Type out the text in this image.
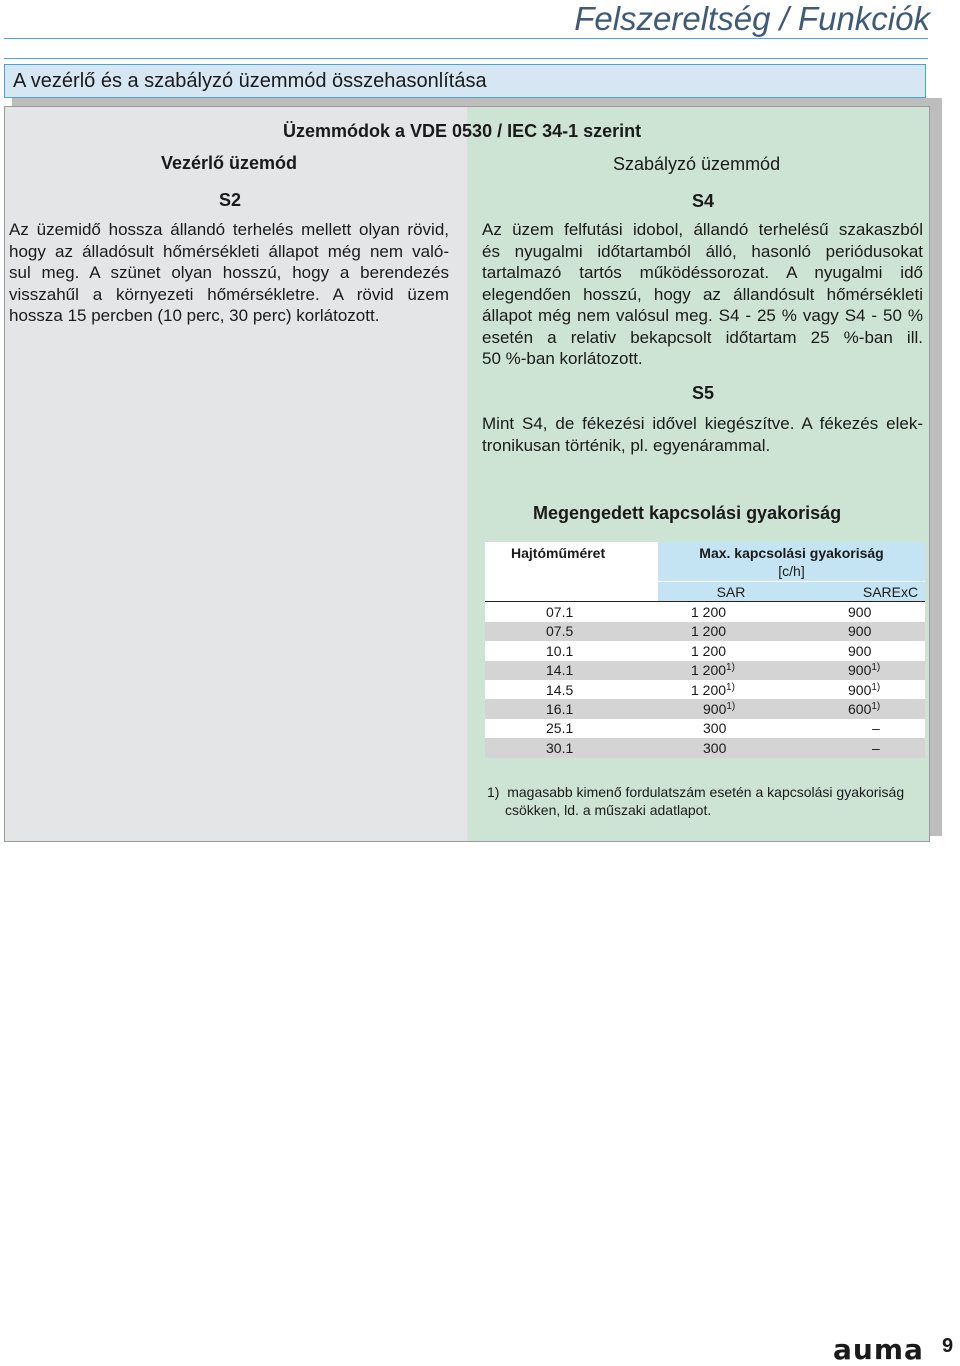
Felszereltség / Funkciók
A vezérlő és a szabályzó üzemmód összehasonlítása
Üzemmódok a VDE 0530 / IEC 34-1 szerint
Vezérlő üzemód
S2
Az üzemidő hossza állandó terhelés mellett olyan rövid,
hogy az álladósult hőmérsékleti állapot még nem való-
sul meg. A szünet olyan hosszú, hogy a berendezés
visszahűl a környezeti hőmérsékletre. A rövid üzem
hossza 15 percben (10 perc, 30 perc) korlátozott.
Szabályzó üzemmód
S4
Az üzem felfutási idobol, állandó terhelésű szakaszból
és nyugalmi időtartamból álló, hasonló periódusokat
tartalmazó tartós működéssorozat. A nyugalmi idő
elegendően hosszú, hogy az állandósult hőmérsékleti
állapot még nem valósul meg. S4 - 25 % vagy S4 - 50 %
esetén a relativ bekapcsolt időtartam 25 %-ban ill.
50 %-ban korlátozott.
S5
Mint S4, de fékezési idővel kiegészítve. A fékezés elek-
tronikusan történik, pl. egyenárammal.
Megengedett kapcsolási gyakoriság
Hajtóműméret	Max. kapcsolási gyakoriság
[c/h]	

	SAR	SARExC
07.1	1 200	900
07.5	1 200	900
10.1	1 200	900
14.1	1 200$^{1)}$	900$^{1)}$
14.5	1 200$^{1)}$	900$^{1)}$
16.1	900$^{1)}$	600$^{1)}$
25.1	300	–
30.1	300	–
1) magasabb kimenő fordulatszám esetén a kapcsolási gyakoriság
csökken, ld. a műszaki adatlapot.
auma 9
